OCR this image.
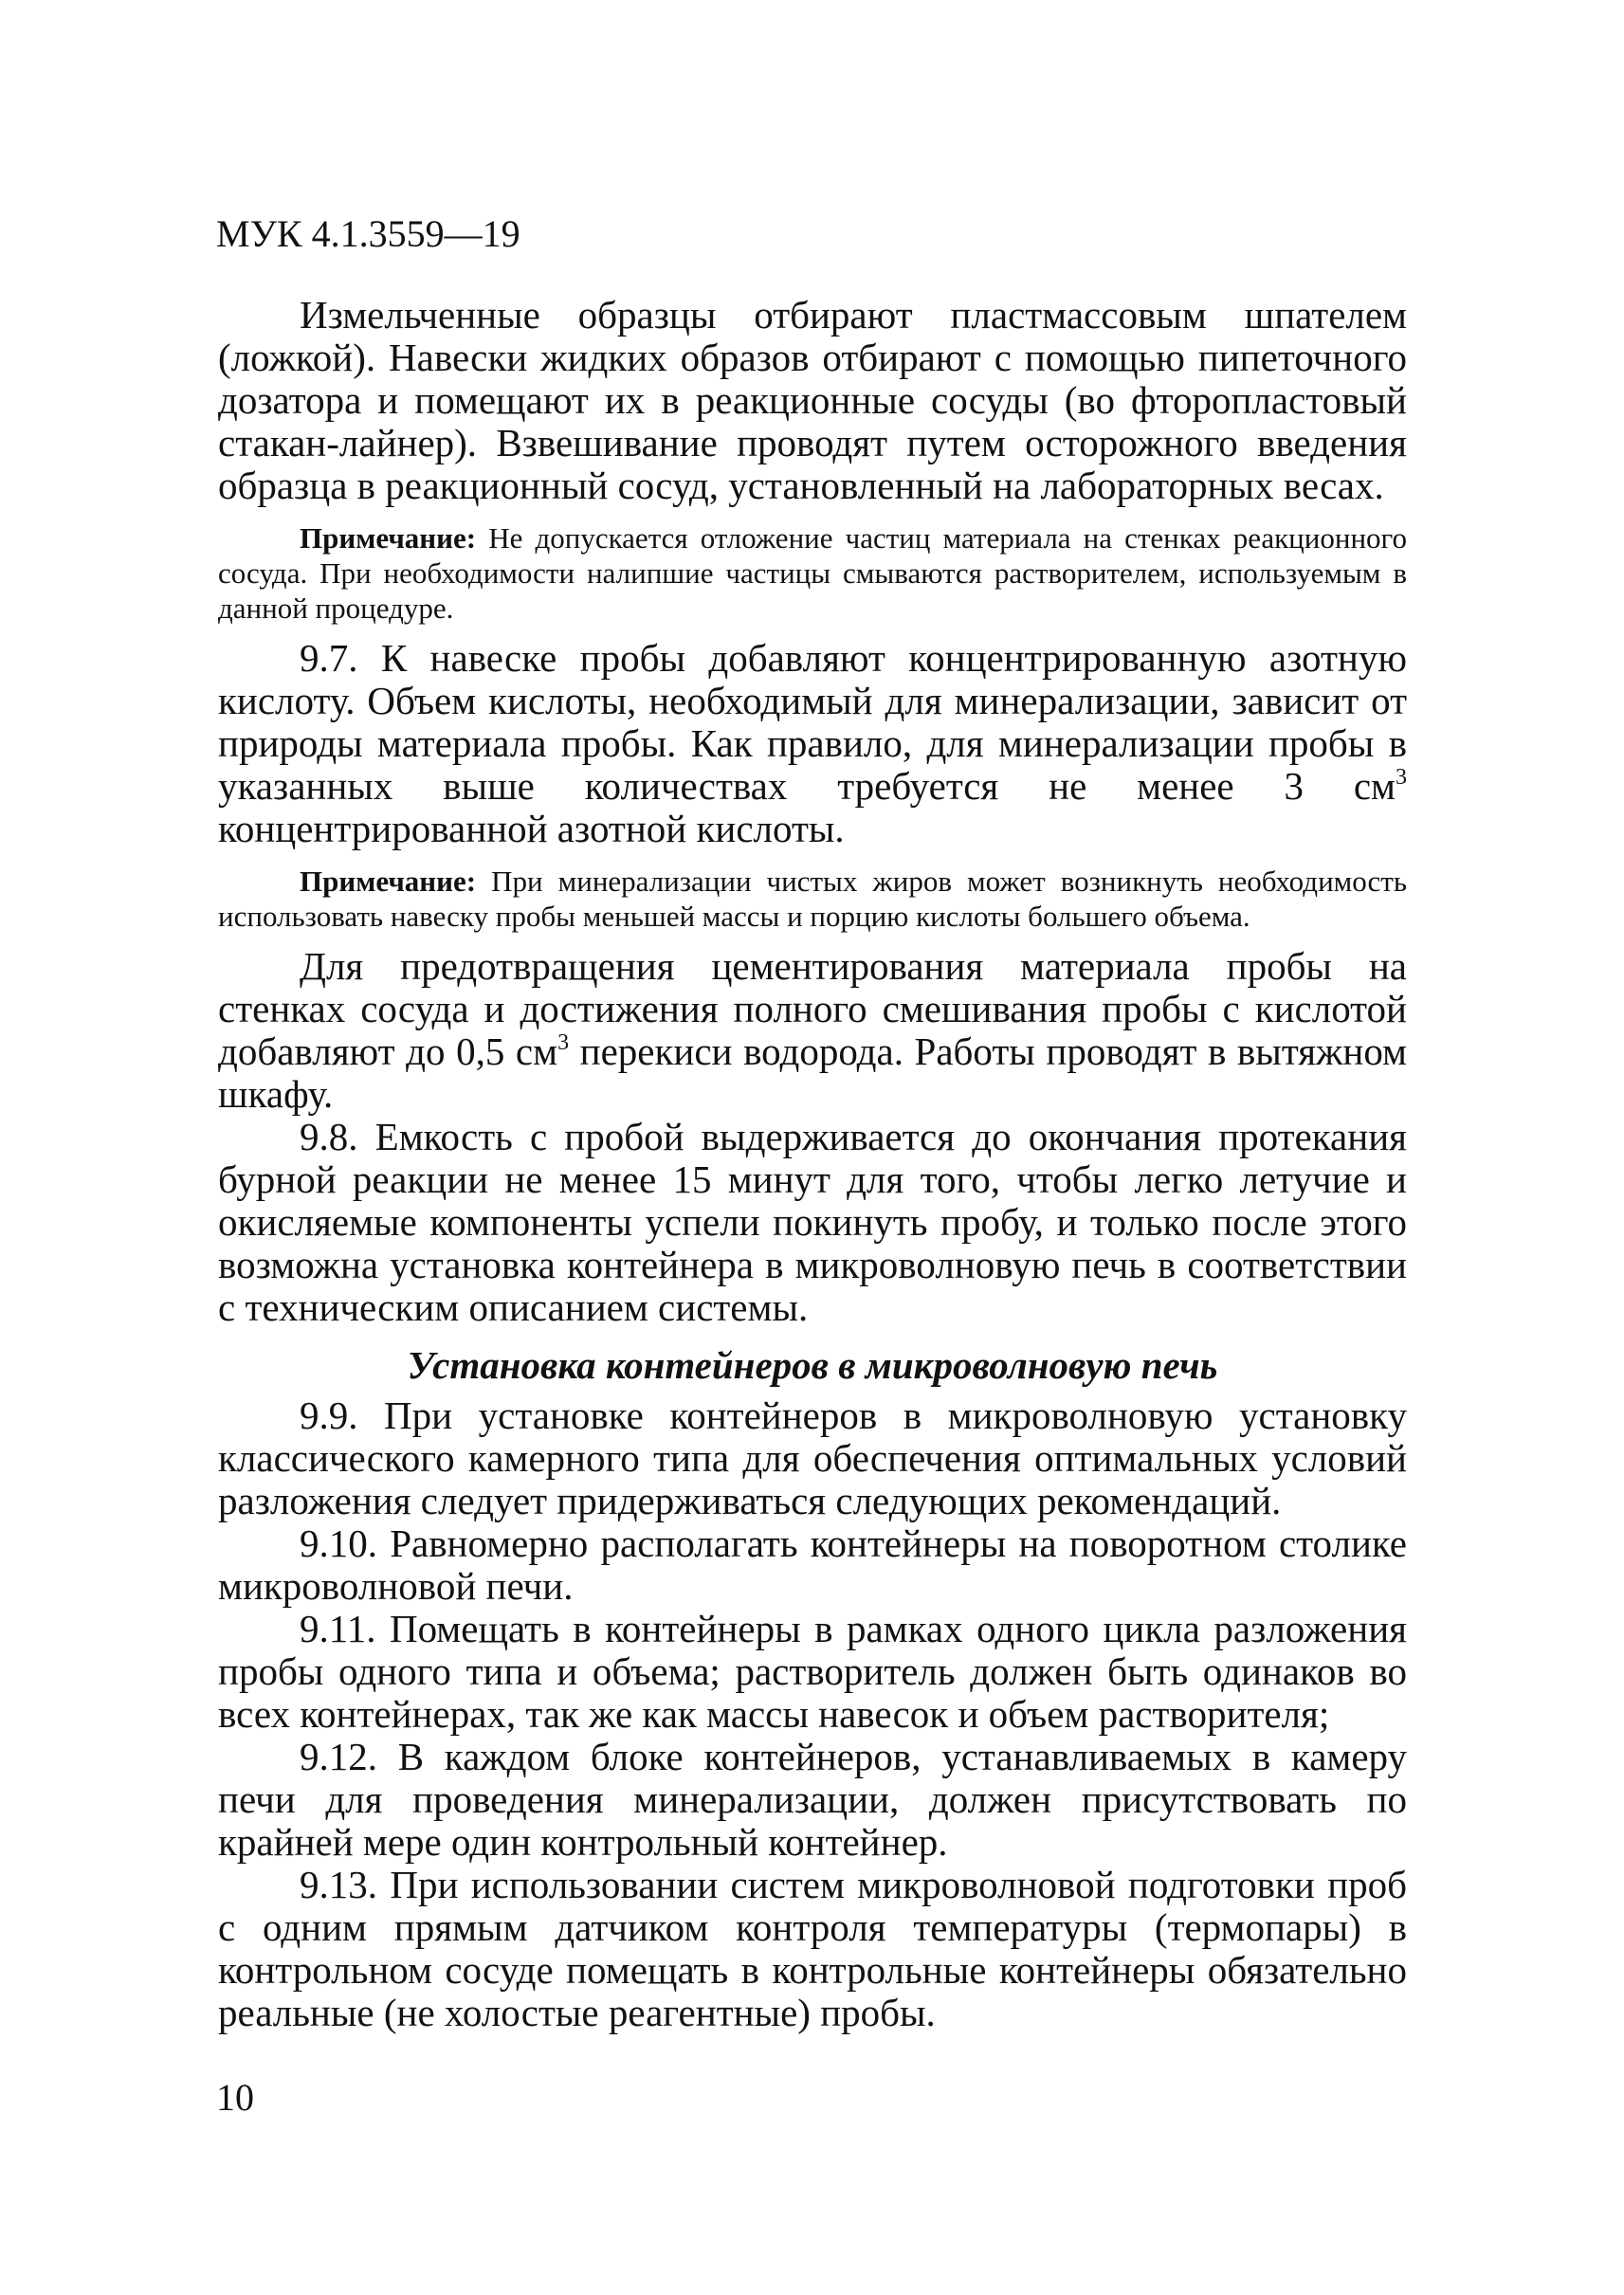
МУК 4.1.3559—19

Измельченные образцы отбирают пластмассовым шпателем (ложкой). Навески жидких образов отбирают с помощью пипеточного дозатора и помещают их в реакционные сосуды (во фторопластовый стакан-лайнер). Взвешивание проводят путем осторожного введения образца в реакционный сосуд, установленный на лабораторных весах.

Примечание: Не допускается отложение частиц материала на стенках реакционного сосуда. При необходимости налипшие частицы смываются растворителем, используемым в данной процедуре.

9.7. К навеске пробы добавляют концентрированную азотную кислоту. Объем кислоты, необходимый для минерализации, зависит от природы материала пробы. Как правило, для минерализации пробы в указанных выше количествах требуется не менее 3 $см^3$ концентрированной азотной кислоты.

Примечание: При минерализации чистых жиров может возникнуть необходимость использовать навеску пробы меньшей массы и порцию кислоты большего объема.

Для предотвращения цементирования материала пробы на стенках сосуда и достижения полного смешивания пробы с кислотой добавляют до 0,5 $см^3$ перекиси водорода. Работы проводят в вытяжном шкафу.

9.8. Емкость с пробой выдерживается до окончания протекания бурной реакции не менее 15 минут для того, чтобы легко летучие и окисляемые компоненты успели покинуть пробу, и только после этого возможна установка контейнера в микроволновую печь в соответствии с техническим описанием системы.

Установка контейнеров в микроволновую печь

9.9. При установке контейнеров в микроволновую установку классического камерного типа для обеспечения оптимальных условий разложения следует придерживаться следующих рекомендаций.

9.10. Равномерно располагать контейнеры на поворотном столике микроволновой печи.

9.11. Помещать в контейнеры в рамках одного цикла разложения пробы одного типа и объема; растворитель должен быть одинаков во всех контейнерах, так же как массы навесок и объем растворителя;

9.12. В каждом блоке контейнеров, устанавливаемых в камеру печи для проведения минерализации, должен присутствовать по крайней мере один контрольный контейнер.

9.13. При использовании систем микроволновой подготовки проб с одним прямым датчиком контроля температуры (термопары) в контрольном сосуде помещать в контрольные контейнеры обязательно реальные (не холостые реагентные) пробы.

10
